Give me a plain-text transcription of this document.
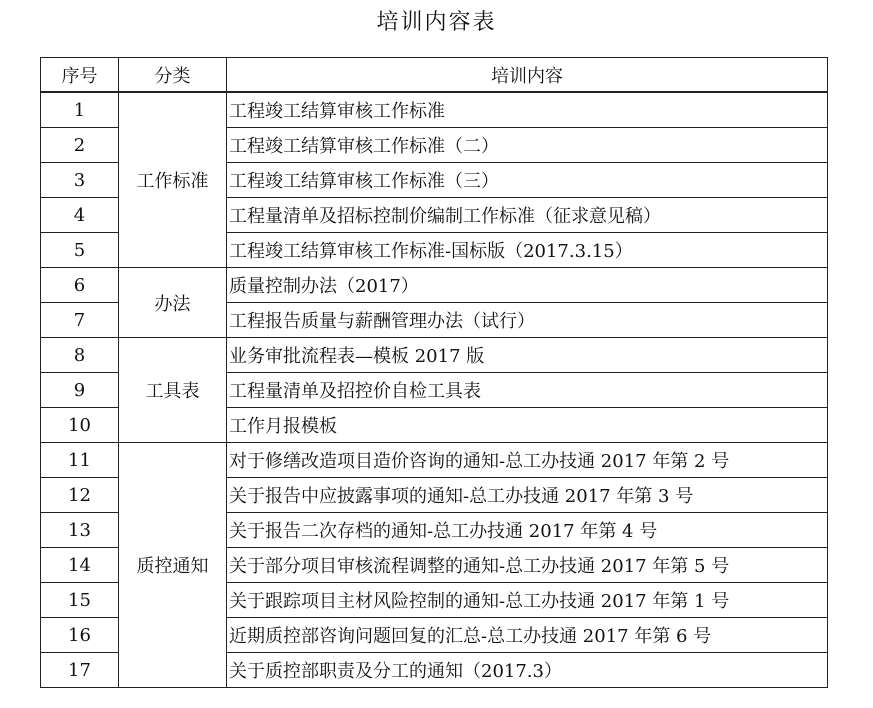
培训内容表
序号	分类	培训内容
1	工作标准	工程竣工结算审核工作标准
2		工程竣工结算审核工作标准（二）
3		工程竣工结算审核工作标准（三）
4		工程量清单及招标控制价编制工作标准（征求意见稿）
5		工程竣工结算审核工作标准-国标版（2017.3.15）
6	办法	质量控制办法（2017）
7		工程报告质量与薪酬管理办法（试行）
8	工具表	业务审批流程表—模板 2017 版
9		工程量清单及招控价自检工具表
10		工作月报模板
11	质控通知	对于修缮改造项目造价咨询的通知-总工办技通 2017 年第 2 号
12		关于报告中应披露事项的通知-总工办技通 2017 年第 3 号
13		关于报告二次存档的通知-总工办技通 2017 年第 4 号
14		关于部分项目审核流程调整的通知-总工办技通 2017 年第 5 号
15		关于跟踪项目主材风险控制的通知-总工办技通 2017 年第 1 号
16		近期质控部咨询问题回复的汇总-总工办技通 2017 年第 6 号
17		关于质控部职责及分工的通知（2017.3）
